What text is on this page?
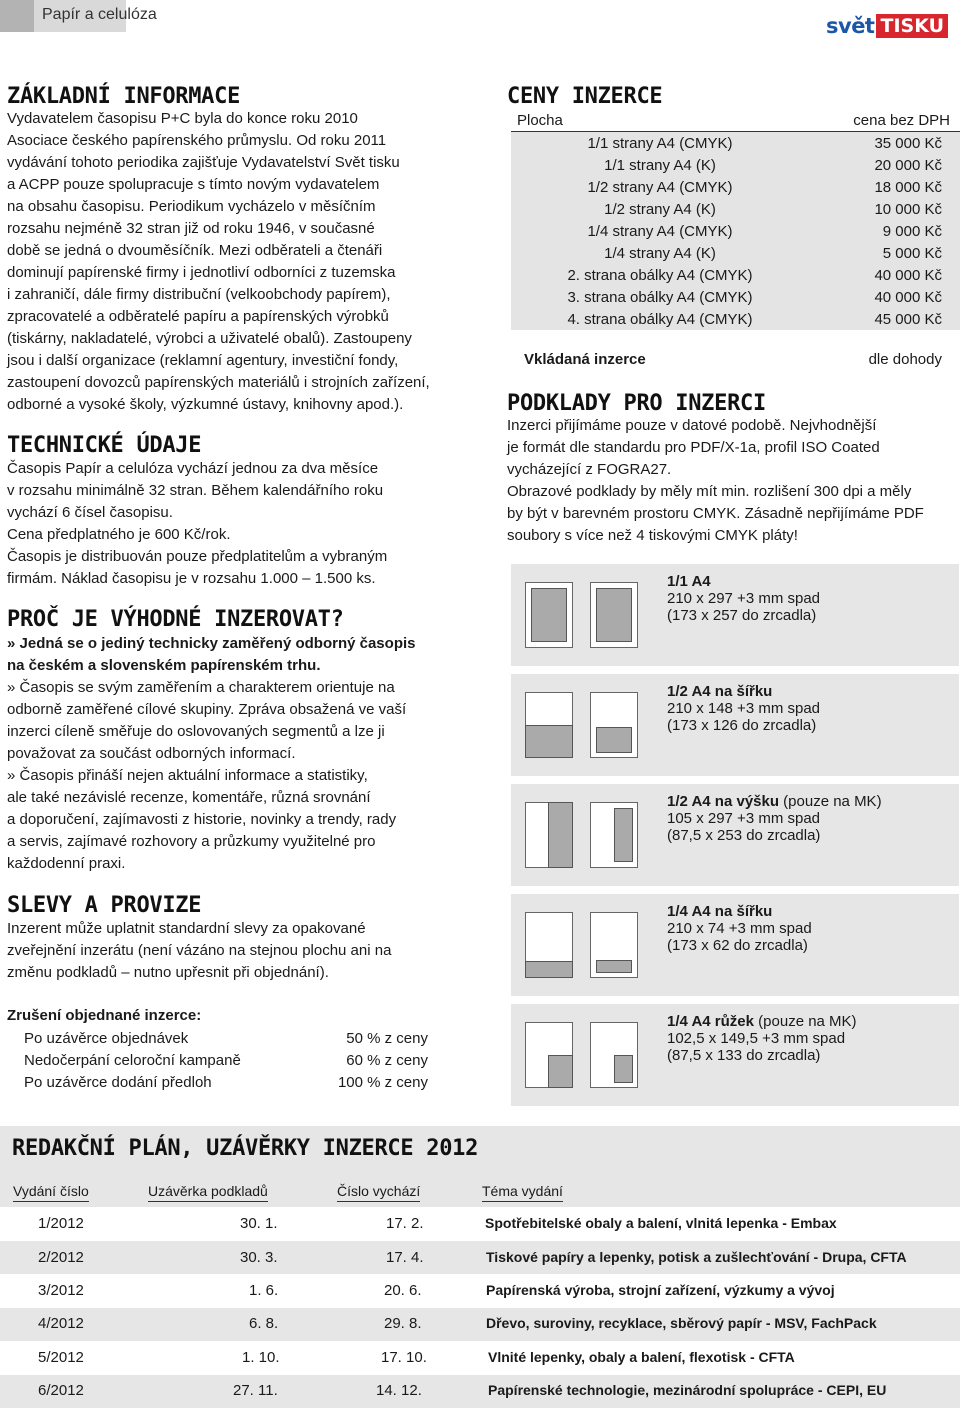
Papír a celulóza	svět TISKU
ZÁKLADNÍ INFORMACE

Vydavatelem časopisu P+C byla do konce roku 2010

Asociace českého papírenského průmyslu. Od roku 2011

vydávání tohoto periodika zajišťuje Vydavatelství Svět tisku

a ACPP pouze spolupracuje s tímto novým vydavatelem

na obsahu časopisu. Periodikum vycházelo v měsíčním

rozsahu nejméně 32 stran již od roku 1946, v současné

době se jedná o dvouměsíčník. Mezi odběrateli a čtenáři

dominují papírenské firmy i jednotliví odborníci z tuzemska

i zahraničí, dále firmy distribuční (velkoobchody papírem),

zpracovatelé a odběratelé papíru a papírenských výrobků

(tiskárny, nakladatelé, výrobci a uživatelé obalů). Zastoupeny

jsou i další organizace (reklamní agentury, investiční fondy,

zastoupení dovozců papírenských materiálů i strojních zařízení,

odborné a vysoké školy, výzkumné ústavy, knihovny apod.).

TECHNICKÉ ÚDAJE

Časopis Papír a celulóza vychází jednou za dva měsíce

v rozsahu minimálně 32 stran. Během kalendářního roku

vychází 6 čísel časopisu.

Cena předplatného je 600 Kč/rok.

Časopis je distribuován pouze předplatitelům a vybraným

firmám. Náklad časopisu je v rozsahu 1.000 – 1.500 ks.

PROČ JE VÝHODNÉ INZEROVAT?

» Jedná se o jediný technicky zaměřený odborný časopis

na českém a slovenském papírenském trhu.

» Časopis se svým zaměřením a charakterem orientuje na

odborně zaměřené cílové skupiny. Zpráva obsažená ve vaší

inzerci cíleně směřuje do oslovovaných segmentů a lze ji

považovat za součást odborných informací.

» Časopis přináší nejen aktuální informace a statistiky,

ale také nezávislé recenze, komentáře, různá srovnání

a doporučení, zajímavosti z historie, novinky a trendy, rady

a servis, zajímavé rozhovory a průzkumy využitelné pro

každodenní praxi.

SLEVY A PROVIZE

Inzerent může uplatnit standardní slevy za opakované

zveřejnění inzerátu (není vázáno na stejnou plochu ani na

změnu podkladů – nutno upřesnit při objednání).

Zrušení objednané inzerce:
Po uzávěrce objednávek	50 % z ceny
Nedočerpání celoroční kampaně	60 % z ceny
Po uzávěrce dodání předloh	100 % z ceny
CENY INZERCE
Plocha	cena bez DPH
1/1 strany A4 (CMYK)	35 000 Kč
1/1 strany A4 (K)	20 000 Kč
1/2 strany A4 (CMYK)	18 000 Kč
1/2 strany A4 (K)	10 000 Kč
1/4 strany A4 (CMYK)	9 000 Kč
1/4 strany A4 (K)	5 000 Kč
2. strana obálky A4 (CMYK)	40 000 Kč
3. strana obálky A4 (CMYK)	40 000 Kč
4. strana obálky A4 (CMYK)	45 000 Kč
Vkládaná inzerce	dle dohody
PODKLADY PRO INZERCI

Inzerci přijímáme pouze v datové podobě. Nejvhodnější

je formát dle standardu pro PDF/X-1a, profil ISO Coated

vycházející z FOGRA27.

Obrazové podklady by měly mít min. rozlišení 300 dpi a měly

by být v barevném prostoru CMYK. Zásadně nepřijímáme PDF

soubory s více než 4 tiskovými CMYK pláty!

1/1 A4
210 x 297 +3 mm spad
(173 x 257 do zrcadla)
1/2 A4 na šířku
210 x 148 +3 mm spad
(173 x 126 do zrcadla)
1/2 A4 na výšku (pouze na MK)
105 x 297 +3 mm spad
(87,5 x 253 do zrcadla)
1/4 A4 na šířku
210 x 74 +3 mm spad
(173 x 62 do zrcadla)
1/4 A4 růžek (pouze na MK)
102,5 x 149,5 +3 mm spad
(87,5 x 133 do zrcadla)
REDAKČNÍ PLÁN, UZÁVĚRKY INZERCE 2012
Vydání číslo	Uzávěrka podkladů	Číslo vychází	Téma vydání
1/2012	30. 1.	17. 2.	Spotřebitelské obaly a balení, vlnitá lepenka - Embax
2/2012	30. 3.	17. 4.	Tiskové papíry a lepenky, potisk a zušlechťování - Drupa, CFTA
3/2012	1. 6.	20. 6.	Papírenská výroba, strojní zařízení, výzkumy a vývoj
4/2012	6. 8.	29. 8.	Dřevo, suroviny, recyklace, sběrový papír - MSV, FachPack
5/2012	1. 10.	17. 10.	Vlnité lepenky, obaly a balení, flexotisk - CFTA
6/2012	27. 11.	14. 12.	Papírenské technologie, mezinárodní spolupráce - CEPI, EU
